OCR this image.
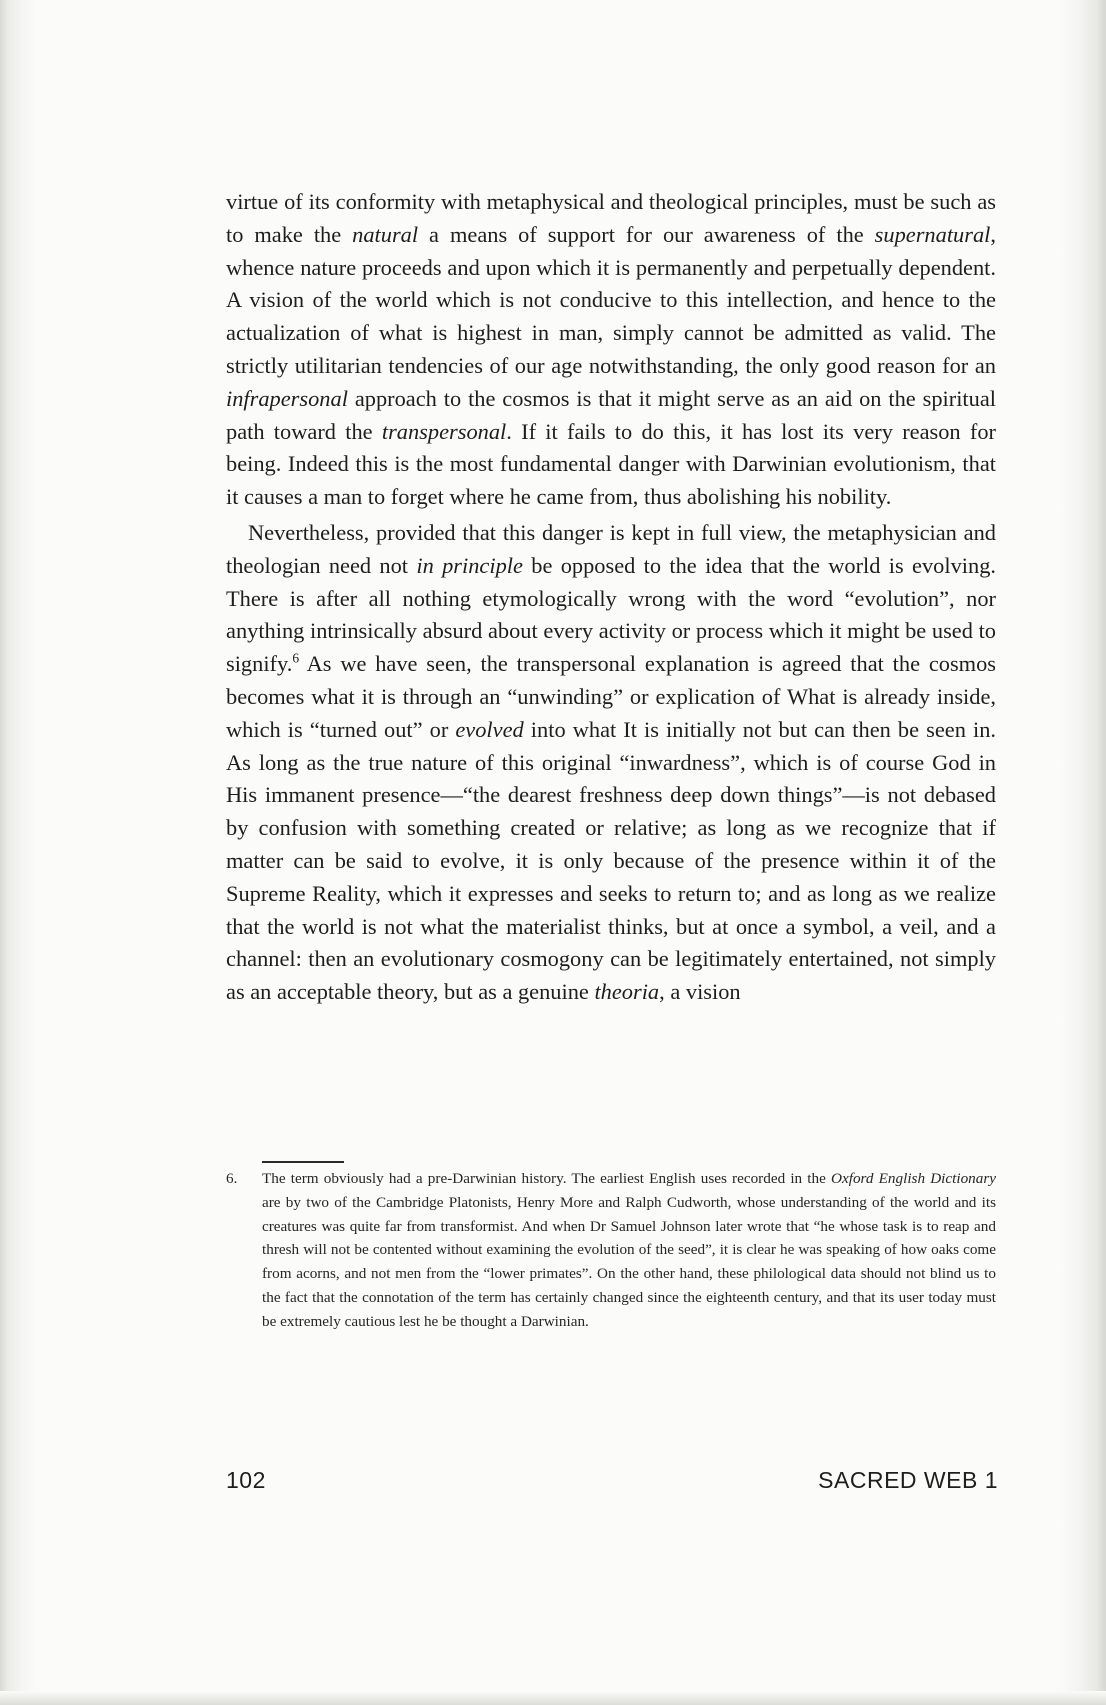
virtue of its conformity with metaphysical and theological principles, must be such as to make the natural a means of support for our awareness of the supernatural, whence nature proceeds and upon which it is permanently and perpetually dependent. A vision of the world which is not conducive to this intellection, and hence to the actualization of what is highest in man, simply cannot be admitted as valid. The strictly utilitarian tendencies of our age notwithstanding, the only good reason for an infrapersonal approach to the cosmos is that it might serve as an aid on the spiritual path toward the transpersonal. If it fails to do this, it has lost its very reason for being. Indeed this is the most fundamental danger with Darwinian evolutionism, that it causes a man to forget where he came from, thus abolishing his nobility.

Nevertheless, provided that this danger is kept in full view, the metaphysician and theologian need not in principle be opposed to the idea that the world is evolving. There is after all nothing etymologically wrong with the word “evolution”, nor anything intrinsically absurd about every activity or process which it might be used to signify.$^6$ As we have seen, the transpersonal explanation is agreed that the cosmos becomes what it is through an “unwinding” or explication of What is already inside, which is “turned out” or evolved into what It is initially not but can then be seen in. As long as the true nature of this original “inwardness”, which is of course God in His immanent presence—“the dearest freshness deep down things”—is not debased by confusion with something created or relative; as long as we recognize that if matter can be said to evolve, it is only because of the presence within it of the Supreme Reality, which it expresses and seeks to return to; and as long as we realize that the world is not what the materialist thinks, but at once a symbol, a veil, and a channel: then an evolutionary cosmogony can be legitimately entertained, not simply as an acceptable theory, but as a genuine theoria, a vision

6. The term obviously had a pre-Darwinian history. The earliest English uses recorded in the Oxford English Dictionary are by two of the Cambridge Platonists, Henry More and Ralph Cudworth, whose understanding of the world and its creatures was quite far from transformist. And when Dr Samuel Johnson later wrote that “he whose task is to reap and thresh will not be contented without examining the evolution of the seed”, it is clear he was speaking of how oaks come from acorns, and not men from the “lower primates”. On the other hand, these philological data should not blind us to the fact that the connotation of the term has certainly changed since the eighteenth century, and that its user today must be extremely cautious lest he be thought a Darwinian.
102	SACRED WEB 1
